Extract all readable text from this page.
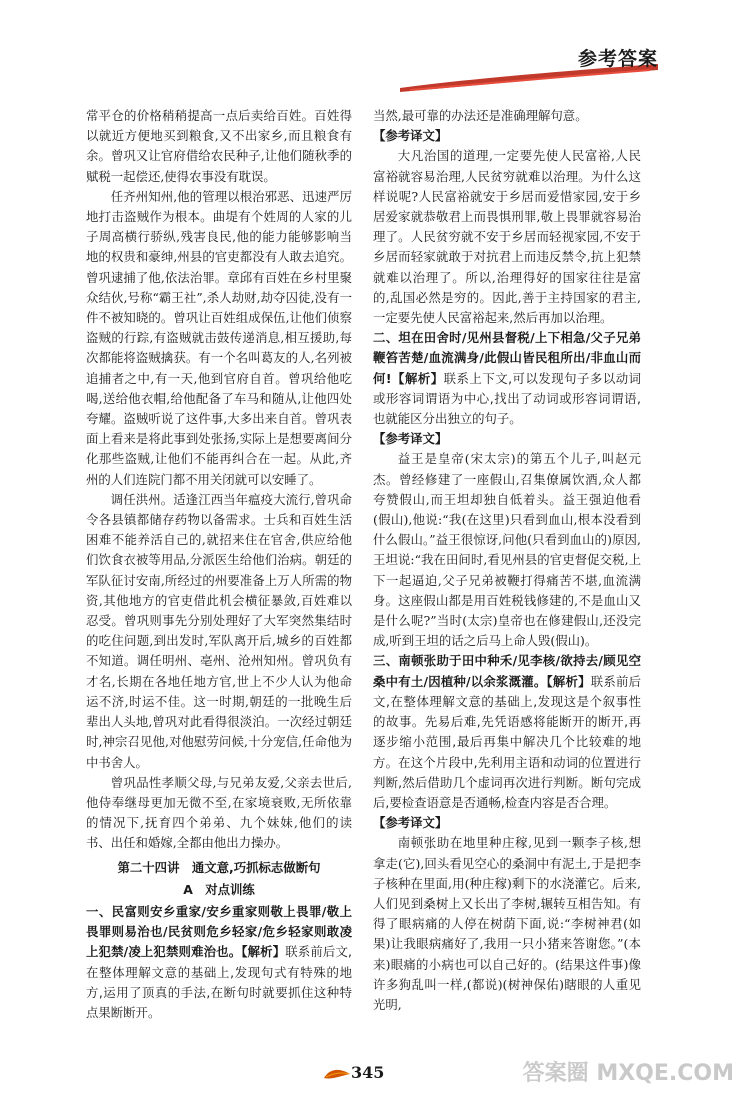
参考答案

常平仓的价格稍稍提高一点后卖给百姓。百姓得以就近方便地买到粮食,又不出家乡,而且粮食有余。曾巩又让官府借给农民种子,让他们随秋季的赋税一起偿还,使得农事没有耽误。

任齐州知州,他的管理以根治邪恶、迅速严厉地打击盗贼作为根本。曲堤有个姓周的人家的儿子周高横行骄纵,残害良民,他的能力能够影响当地的权贵和豪绅,州县的官吏都没有人敢去追究。曾巩逮捕了他,依法治罪。章邱有百姓在乡村里聚众结伙,号称“霸王社”,杀人劫财,劫夺囚徒,没有一件不被知晓的。曾巩让百姓组成保伍,让他们侦察盗贼的行踪,有盗贼就击鼓传递消息,相互援助,每次都能将盗贼擒获。有一个名叫葛友的人,名列被追捕者之中,有一天,他到官府自首。曾巩给他吃喝,送给他衣帽,给他配备了车马和随从,让他四处夸耀。盗贼听说了这件事,大多出来自首。曾巩表面上看来是将此事到处张扬,实际上是想要离间分化那些盗贼,让他们不能再纠合在一起。从此,齐州的人们连院门都不用关闭就可以安睡了。

调任洪州。适逢江西当年瘟疫大流行,曾巩命令各县镇都储存药物以备需求。士兵和百姓生活困难不能养活自己的,就招来住在官舍,供应给他们饮食衣被等用品,分派医生给他们治病。朝廷的军队征讨安南,所经过的州要准备上万人所需的物资,其他地方的官吏借此机会横征暴敛,百姓难以忍受。曾巩则事先分别处理好了大军突然集结时的吃住问题,到出发时,军队离开后,城乡的百姓都不知道。调任明州、亳州、沧州知州。曾巩负有才名,长期在各地任地方官,世上不少人认为他命运不济,时运不佳。这一时期,朝廷的一批晚生后辈出人头地,曾巩对此看得很淡泊。一次经过朝廷时,神宗召见他,对他慰劳问候,十分宠信,任命他为中书舍人。

曾巩品性孝顺父母,与兄弟友爱,父亲去世后,他侍奉继母更加无微不至,在家境衰败,无所依靠的情况下,抚育四个弟弟、九个妹妹,他们的读书、出任和婚嫁,全都由他出力操办。

第二十四讲　通文意,巧抓标志做断句
A　对点训练

一、民富则安乡重家/安乡重家则敬上畏罪/敬上畏罪则易治也/民贫则危乡轻家/危乡轻家则敢凌上犯禁/凌上犯禁则难治也。【解析】联系前后文,在整体理解文意的基础上,发现句式有特殊的地方,运用了顶真的手法,在断句时就要抓住这种特点果断断开。

当然,最可靠的办法还是准确理解句意。

【参考译文】

大凡治国的道理,一定要先使人民富裕,人民富裕就容易治理,人民贫穷就难以治理。为什么这样说呢?人民富裕就安于乡居而爱惜家园,安于乡居爱家就恭敬君上而畏惧刑罪,敬上畏罪就容易治理了。人民贫穷就不安于乡居而轻视家园,不安于乡居而轻家就敢于对抗君上而违反禁令,抗上犯禁就难以治理了。所以,治理得好的国家往往是富的,乱国必然是穷的。因此,善于主持国家的君主,一定要先使人民富裕起来,然后再加以治理。

二、坦在田舍时/见州县督税/上下相急/父子兄弟鞭笞苦楚/血流满身/此假山皆民租所出/非血山而何!【解析】联系上下文,可以发现句子多以动词或形容词谓语为中心,找出了动词或形容词谓语,也就能区分出独立的句子。

【参考译文】

益王是皇帝(宋太宗)的第五个儿子,叫赵元杰。曾经修建了一座假山,召集僚属饮酒,众人都夸赞假山,而王坦却独自低着头。益王强迫他看(假山),他说:“我(在这里)只看到血山,根本没看到什么假山。”益王很惊讶,问他(只看到血山的)原因,王坦说:“我在田间时,看见州县的官吏督促交税,上下一起逼迫,父子兄弟被鞭打得痛苦不堪,血流满身。这座假山都是用百姓税钱修建的,不是血山又是什么呢?”当时(太宗)皇帝也在修建假山,还没完成,听到王坦的话之后马上命人毁(假山)。

三、南顿张助于田中种禾/见李核/欲持去/顾见空桑中有土/因植种/以余浆溉灌。【解析】联系前后文,在整体理解文意的基础上,发现这是个叙事性的故事。先易后难,先凭语感将能断开的断开,再逐步缩小范围,最后再集中解决几个比较难的地方。在这个片段中,先利用主语和动词的位置进行判断,然后借助几个虚词再次进行判断。断句完成后,要检查语意是否通畅,检查内容是否合理。

【参考译文】

南顿张助在地里种庄稼,见到一颗李子核,想拿走(它),回头看见空心的桑洞中有泥土,于是把李子核种在里面,用(种庄稼)剩下的水浇灌它。后来,人们见到桑树上又长出了李树,辗转互相告知。有得了眼病痛的人停在树荫下面,说:“李树神君(如果)让我眼病痛好了,我用一只小猪来答谢您。”(本来)眼痛的小病也可以自己好的。(结果这件事)像许多狗乱叫一样,(都说)(树神保佑)瞎眼的人重见光明,

345	答案圈 MXQE.COM
